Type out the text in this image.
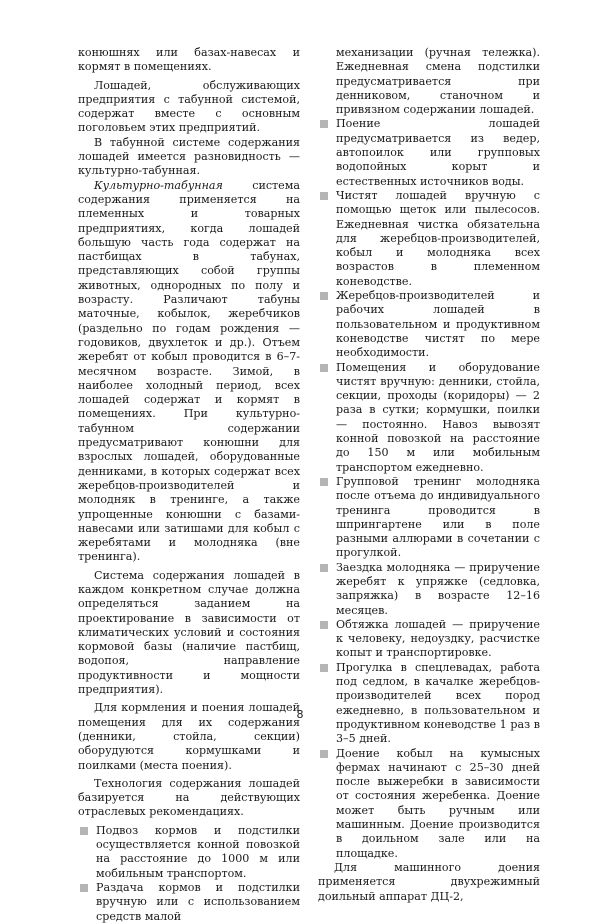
конюшнях или базах-навесах и кормят в помещениях.

Лошадей, обслуживающих предприятия с табунной системой, содержат вместе с основным поголовьем этих предприятий.

В табунной системе содержания лошадей имеется разновидность — культурно-табунная.

Культурно-табунная система содержания применяется на племенных и товарных предприятиях, когда лошадей большую часть года содержат на пастбищах в табунах, представляющих собой группы животных, однородных по полу и возрасту. Различают табуны маточные, кобылок, жеребчиков (раздельно по годам рождения — годовиков, двухлеток и др.). Отъем жеребят от кобыл проводится в 6–7-месячном возрасте. Зимой, в наиболее холодный период, всех лошадей содержат и кормят в помещениях. При культурно-табунном содержании предусматривают конюшни для взрослых лошадей, оборудованные денниками, в которых содержат всех жеребцов-производителей и молодняк в тренинге, а также упрощенные конюшни с базами-навесами или затишами для кобыл с жеребятами и молодняка (вне тренинга).

Система содержания лошадей в каждом конкретном случае должна определяться заданием на проектирование в зависимости от климатических условий и состояния кормовой базы (наличие пастбищ, водопоя, направление продуктивности и мощности предприятия).

Для кормления и поения лошадей помещения для их содержания (денники, стойла, секции) оборудуются кормушками и поилками (места поения).

Технология содержания лошадей базируется на действующих отраслевых рекомендациях.

Подвоз кормов и подстилки осуществляется конной повозкой на расстояние до 1000 м или мобильным транспортом.
Раздача кормов и подстилки вручную или с использованием средств малой

механизации (ручная тележка). Ежедневная смена подстилки предусматривается при денниковом, станочном и привязном содержании лошадей.

Поение лошадей предусматривается из ведер, автопоилок или групповых водопойных корыт и естественных источников воды.
Чистят лошадей вручную с помощью щеток или пылесосов. Ежедневная чистка обязательна для жеребцов-производителей, кобыл и молодняка всех возрастов в племенном коневодстве.
Жеребцов-производителей и рабочих лошадей в пользовательном и продуктивном коневодстве чистят по мере необходимости.
Помещения и оборудование чистят вручную: денники, стойла, секции, проходы (коридоры) — 2 раза в сутки; кормушки, поилки — постоянно. Навоз вывозят конной повозкой на расстояние до 150 м или мобильным транспортом ежедневно.
Групповой тренинг молодняка после отъема до индивидуального тренинга проводится в шпрингартене или в поле разными аллюрами в сочетании с прогулкой.
Заездка молодняка — приручение жеребят к упряжке (седловка, запряжка) в возрасте 12–16 месяцев.
Обтяжка лошадей — приручение к человеку, недоуздку, расчистке копыт и транспортировке.
Прогулка в спецлевадах, работа под седлом, в качалке жеребцов-производителей всех пород ежедневно, в пользовательном и продуктивном коневодстве 1 раз в 3–5 дней.
Доение кобыл на кумысных фермах начинают с 25–30 дней после выжеребки в зависимости от состояния жеребенка. Доение может быть ручным или машинным. Доение производится в доильном зале или на площадке.

Для машинного доения применяется двухрежимный доильный аппарат ДЦ-2,

8
